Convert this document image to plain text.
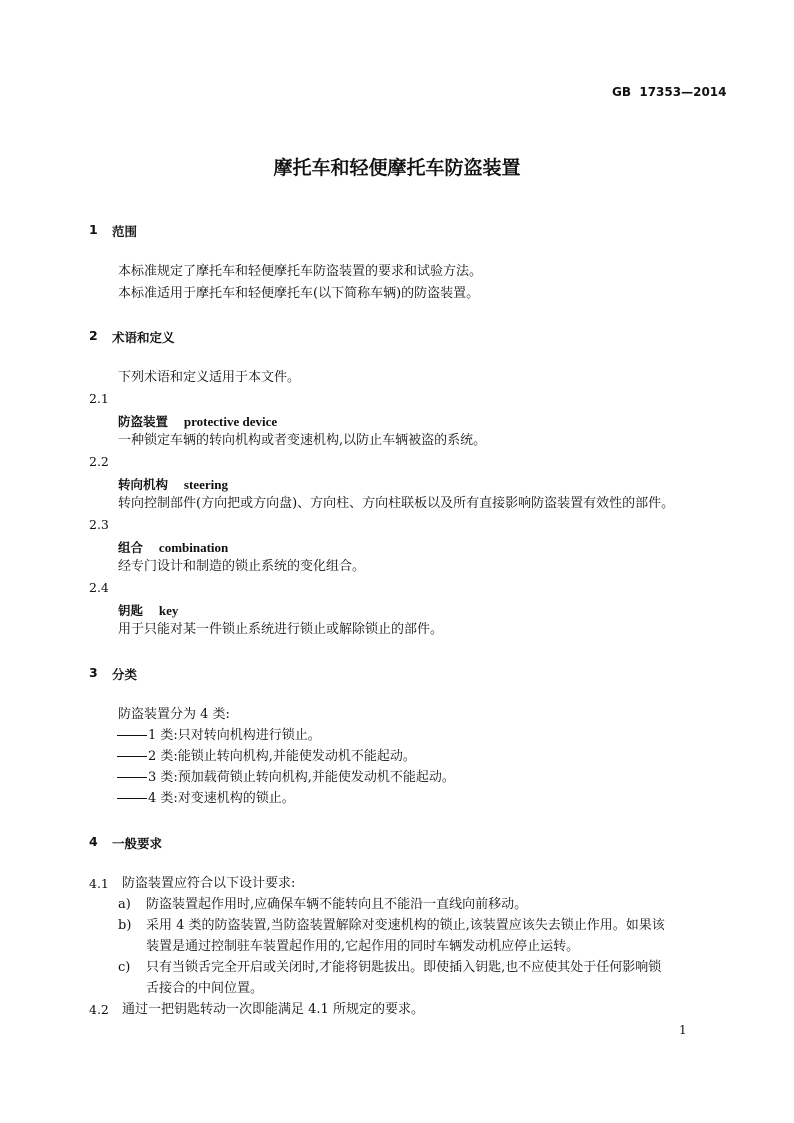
GB 17353—2014
摩托车和轻便摩托车防盗装置
1 范围
本标准规定了摩托车和轻便摩托车防盗装置的要求和试验方法。
本标准适用于摩托车和轻便摩托车(以下简称车辆)的防盗装置。
2 术语和定义
下列术语和定义适用于本文件。
2.1
防盗装置 protective device
一种锁定车辆的转向机构或者变速机构,以防止车辆被盗的系统。
2.2
转向机构 steering
转向控制部件(方向把或方向盘)、方向柱、方向柱联板以及所有直接影响防盗装置有效性的部件。
2.3
组合 combination
经专门设计和制造的锁止系统的变化组合。
2.4
钥匙 key
用于只能对某一件锁止系统进行锁止或解除锁止的部件。
3 分类
防盗装置分为 4 类:
1 类:只对转向机构进行锁止。
2 类:能锁止转向机构,并能使发动机不能起动。
3 类:预加载荷锁止转向机构,并能使发动机不能起动。
4 类:对变速机构的锁止。
4 一般要求
4.1 防盗装置应符合以下设计要求:
a) 防盗装置起作用时,应确保车辆不能转向且不能沿一直线向前移动。
b) 采用 4 类的防盗装置,当防盗装置解除对变速机构的锁止,该装置应该失去锁止作用。如果该
装置是通过控制驻车装置起作用的,它起作用的同时车辆发动机应停止运转。
c) 只有当锁舌完全开启或关闭时,才能将钥匙拔出。即使插入钥匙,也不应使其处于任何影响锁
舌接合的中间位置。
4.2 通过一把钥匙转动一次即能满足 4.1 所规定的要求。
1
